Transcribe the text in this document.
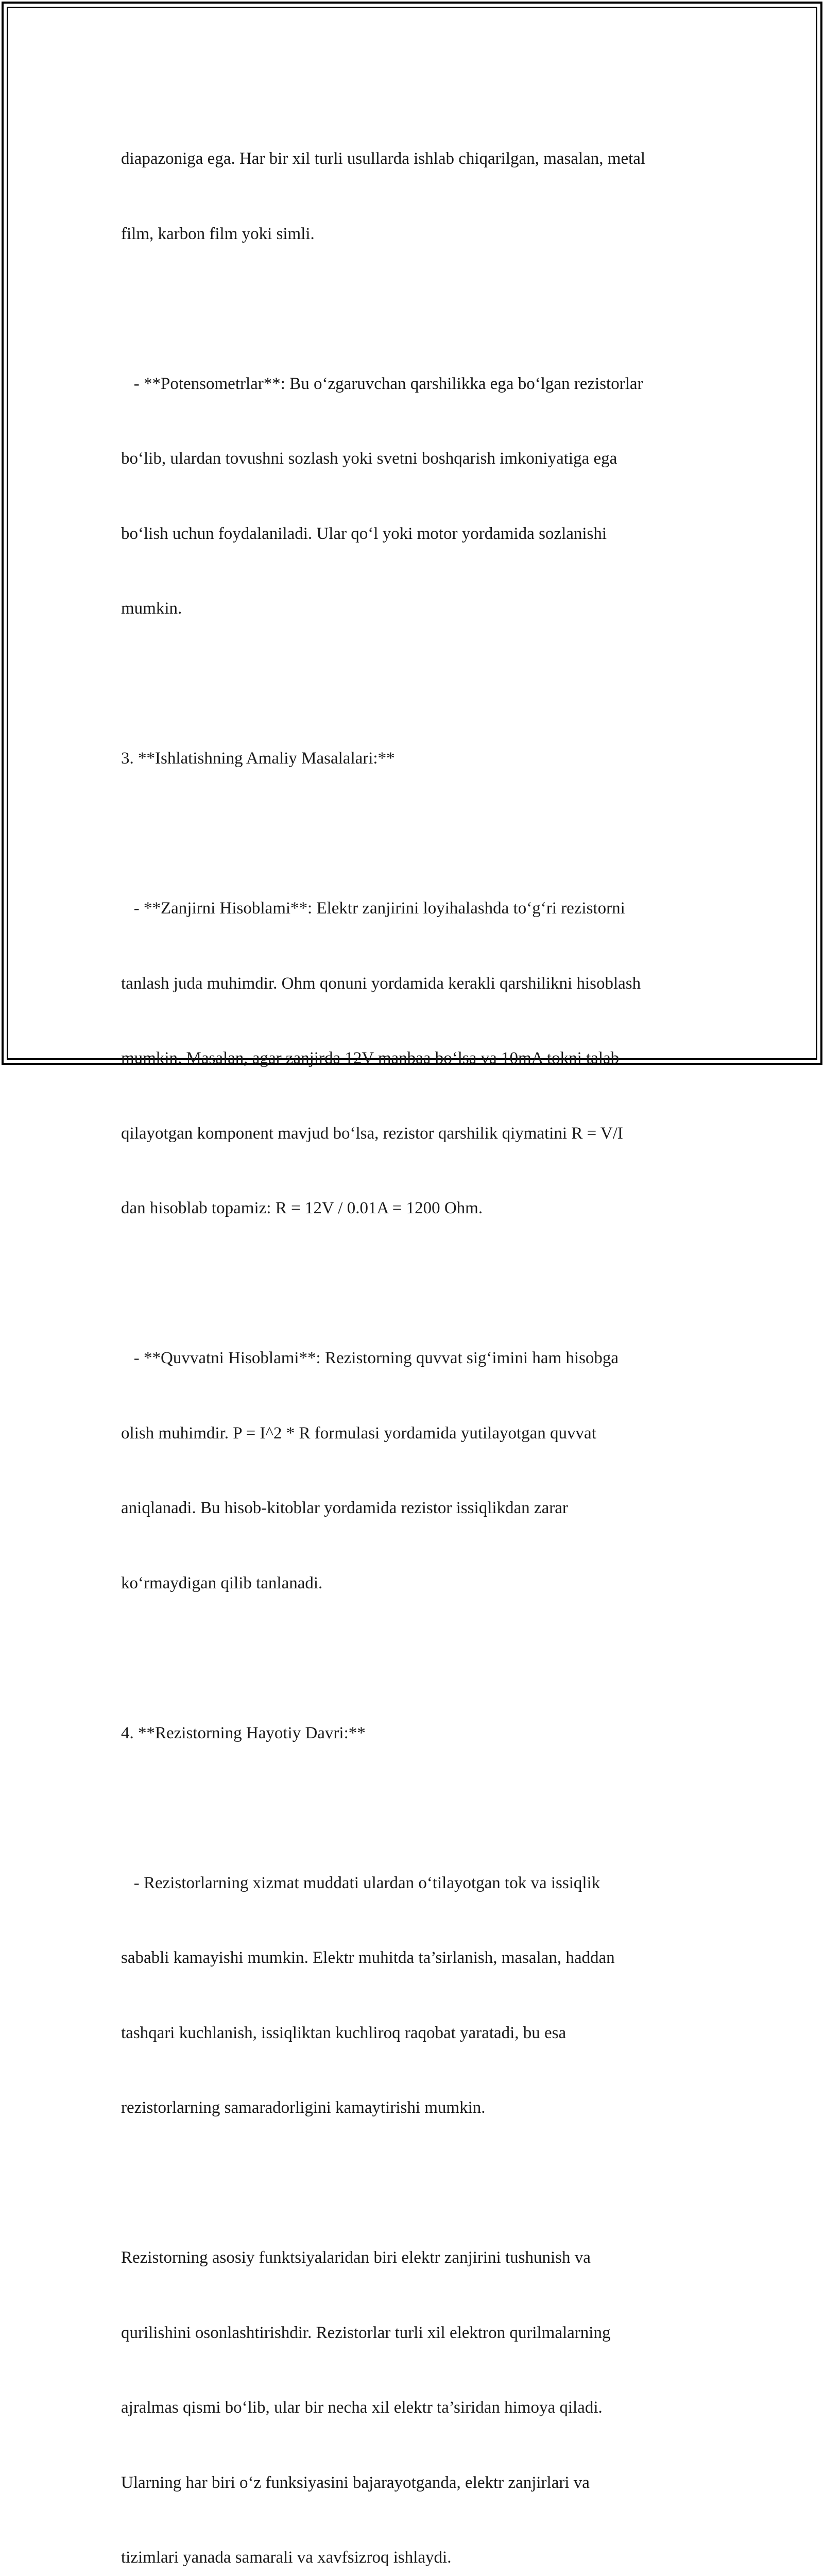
diapazoniga ega. Har bir xil turli usullarda ishlab chiqarilgan, masalan, metal

film, karbon film yoki simli.

- **Potensometrlar**: Bu o‘zgaruvchan qarshilikka ega bo‘lgan rezistorlar

bo‘lib, ulardan tovushni sozlash yoki svetni boshqarish imkoniyatiga ega

bo‘lish uchun foydalaniladi. Ular qo‘l yoki motor yordamida sozlanishi

mumkin.

3. **Ishlatishning Amaliy Masalalari:**

- **Zanjirni Hisoblami**: Elektr zanjirini loyihalashda to‘g‘ri rezistorni

tanlash juda muhimdir. Ohm qonuni yordamida kerakli qarshilikni hisoblash

mumkin. Masalan, agar zanjirda 12V manbaa bo‘lsa va 10mA tokni talab

qilayotgan komponent mavjud bo‘lsa, rezistor qarshilik qiymatini R = V/I

dan hisoblab topamiz: R = 12V / 0.01A = 1200 Ohm.

- **Quvvatni Hisoblami**: Rezistorning quvvat sig‘imini ham hisobga

olish muhimdir. P = I^2 * R formulasi yordamida yutilayotgan quvvat

aniqlanadi. Bu hisob-kitoblar yordamida rezistor issiqlikdan zarar

ko‘rmaydigan qilib tanlanadi.

4. **Rezistorning Hayotiy Davri:**

- Rezistorlarning xizmat muddati ulardan o‘tilayotgan tok va issiqlik

sababli kamayishi mumkin. Elektr muhitda ta’sirlanish, masalan, haddan

tashqari kuchlanish, issiqliktan kuchliroq raqobat yaratadi, bu esa

rezistorlarning samaradorligini kamaytirishi mumkin.

Rezistorning asosiy funktsiyalaridan biri elektr zanjirini tushunish va

qurilishini osonlashtirishdir. Rezistorlar turli xil elektron qurilmalarning

ajralmas qismi bo‘lib, ular bir necha xil elektr ta’siridan himoya qiladi.

Ularning har biri o‘z funksiyasini bajarayotganda, elektr zanjirlari va

tizimlari yanada samarali va xavfsizroq ishlaydi.
